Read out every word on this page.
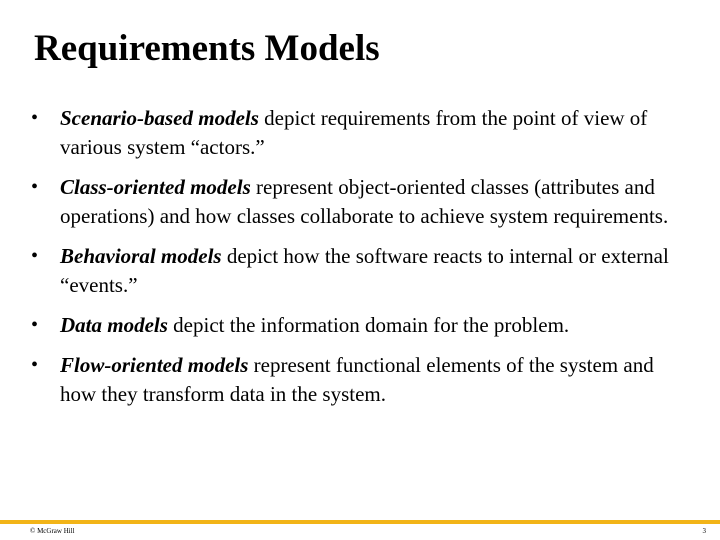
Requirements Models
• Scenario-based models depict requirements from the point of view of various system “actors.”
• Class-oriented models represent object-oriented classes (attributes and operations) and how classes collaborate to achieve system requirements.
• Behavioral models depict how the software reacts to internal or external “events.”
• Data models depict the information domain for the problem.
• Flow-oriented models represent functional elements of the system and how they transform data in the system.
© McGraw Hill	3
